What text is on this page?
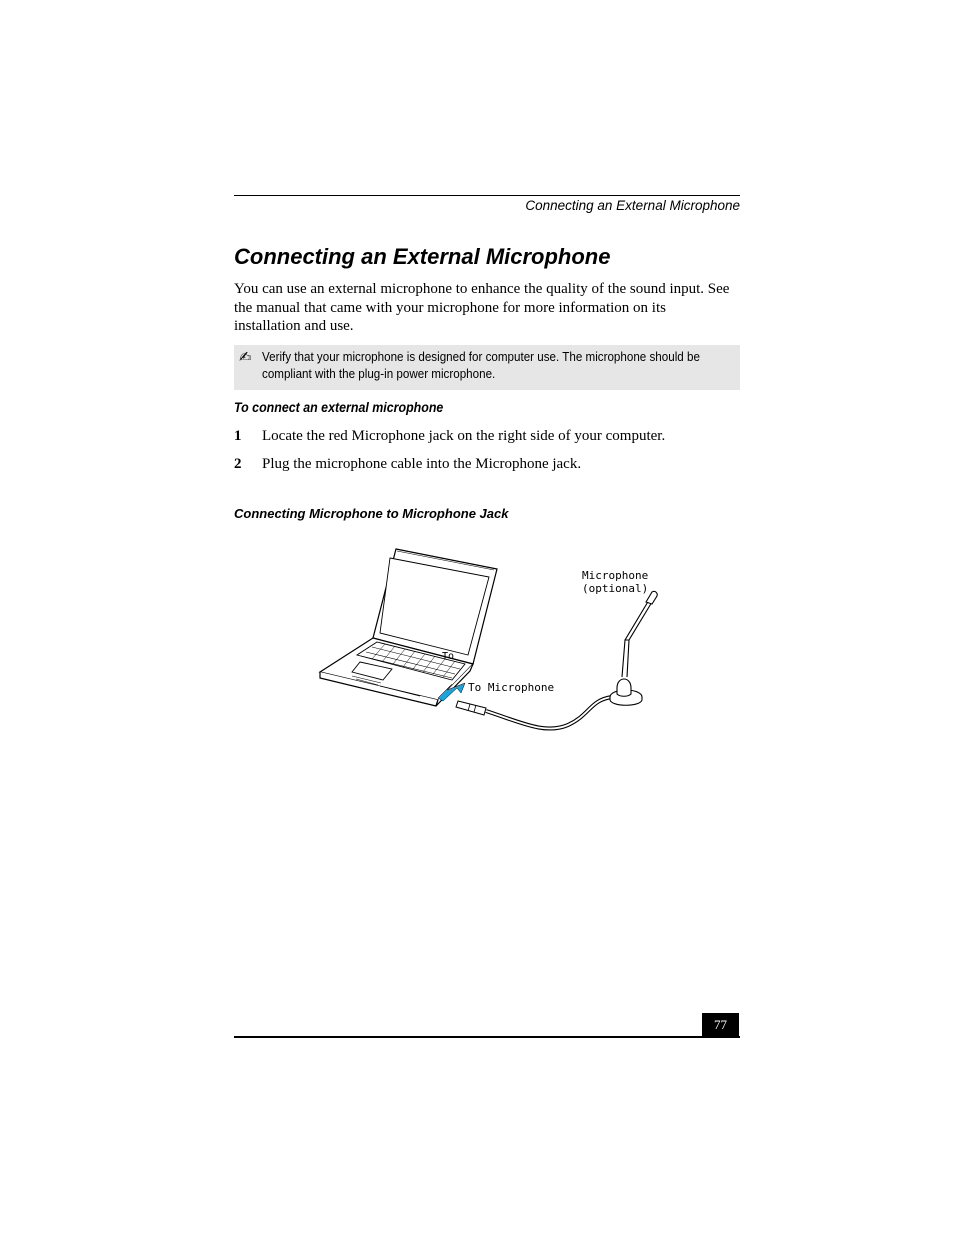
Connecting an External Microphone
Connecting an External Microphone

You can use an external microphone to enhance the quality of the sound input. See the manual that came with your microphone for more information on its installation and use.

✍ Verify that your microphone is designed for computer use. The microphone should be compliant with the plug-in power microphone.
To connect an external microphone
1 Locate the red Microphone jack on the right side of your computer.
2 Plug the microphone cable into the Microphone jack.
Connecting Microphone to Microphone Jack
Microphone
(optional)
To Microphone
To
77
